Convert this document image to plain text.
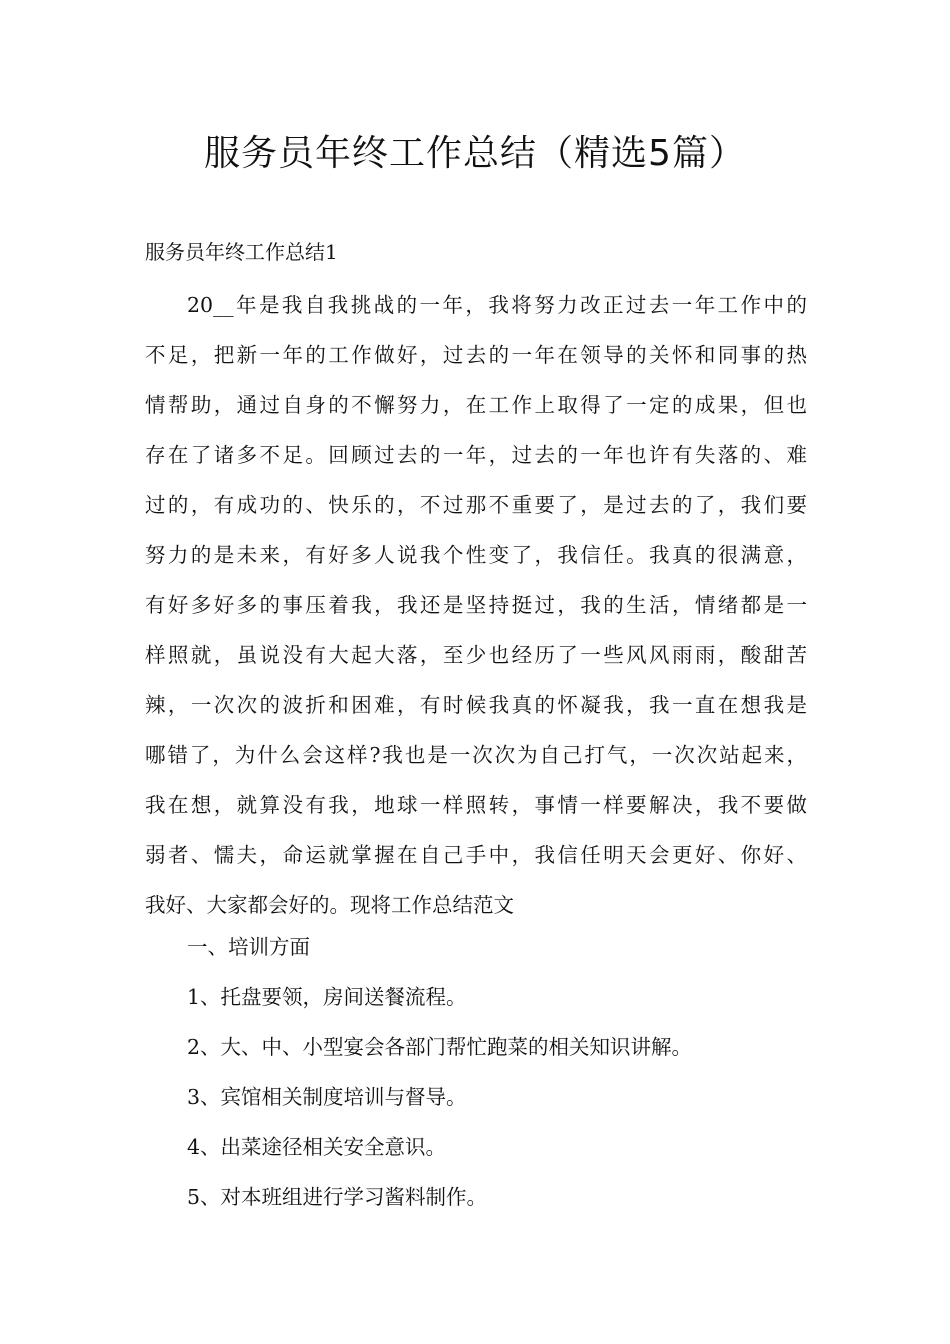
服务员年终工作总结（精选5篇）
服务员年终工作总结1
20__年是我自我挑战的一年，我将努力改正过去一年工作中的
不足，把新一年的工作做好，过去的一年在领导的关怀和同事的热
情帮助，通过自身的不懈努力，在工作上取得了一定的成果，但也
存在了诸多不足。回顾过去的一年，过去的一年也许有失落的、难
过的，有成功的、快乐的，不过那不重要了，是过去的了，我们要
努力的是未来，有好多人说我个性变了，我信任。我真的很满意，
有好多好多的事压着我，我还是坚持挺过，我的生活，情绪都是一
样照就，虽说没有大起大落，至少也经历了一些风风雨雨，酸甜苦
辣，一次次的波折和困难，有时候我真的怀凝我，我一直在想我是
哪错了，为什么会这样?我也是一次次为自己打气，一次次站起来，
我在想，就算没有我，地球一样照转，事情一样要解决，我不要做
弱者、懦夫，命运就掌握在自己手中，我信任明天会更好、你好、
我好、大家都会好的。现将工作总结范文

一、培训方面

1、托盘要领，房间送餐流程。

2、大、中、小型宴会各部门帮忙跑菜的相关知识讲解。

3、宾馆相关制度培训与督导。

4、出菜途径相关安全意识。

5、对本班组进行学习酱料制作。
